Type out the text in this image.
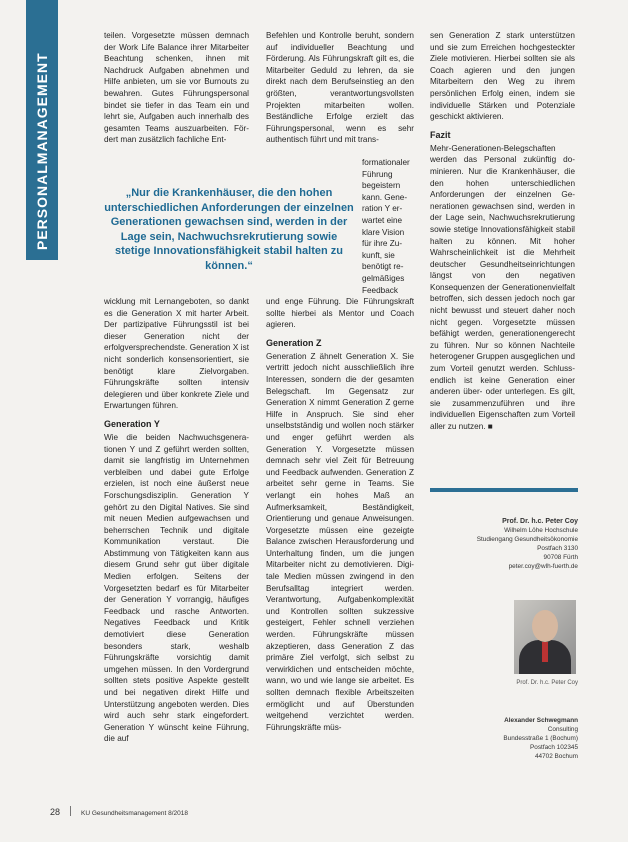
PERSONALMANAGEMENT

teilen. Vorgesetzte müssen demnach der Work Life Balance ihrer Mitarbeiter Beachtung schenken, ihnen mit Nachdruck Aufgaben abnehmen und Hilfe anbieten, um sie vor Burnouts zu bewahren. Gutes Führungspersonal bindet sie tiefer in das Team ein und lehrt sie, Aufgaben auch innerhalb des gesamten Teams auszuarbeiten. Fördert man zusätzlich fachliche Ent-

„Nur die Krankenhäuser, die den hohen unterschiedlichen Anforderungen der einzelnen Generationen gewachsen sind, werden in der Lage sein, Nachwuchsrekrutierung sowie stetige Innovationsfähigkeit stabil halten zu können.“

wicklung mit Lernangeboten, so dankt es die Generation X mit harter Arbeit. Der partizipative Führungsstil ist bei dieser Generation nicht der erfolgversprechendste. Generation X ist nicht sonderlich konsensorientiert, sie benötigt klare Zielvorgaben. Führungskräfte sollten intensiv delegieren und über konkrete Ziele und Erwartungen führen.

Generation Y

Wie die beiden Nachwuchsgenerationen Y und Z geführt werden sollten, damit sie langfristig im Unternehmen verbleiben und dabei gute Erfolge erzielen, ist noch eine äußerst neue Forschungsdisziplin. Generation Y gehört zu den Digital Natives. Sie sind mit neuen Medien aufgewachsen und beherrschen Technik und digitale Kommunikation verstaut. Die Abstimmung von Tätigkeiten kann aus diesem Grund sehr gut über digitale Medien erfolgen. Seitens der Vorgesetzten bedarf es für Mitarbeiter der Generation Y vorrangig, häufiges Feedback und rasche Antworten. Negatives Feedback und Kritik demotiviert diese Generation besonders stark, weshalb Führungskräfte vorsichtig damit umgehen müssen. In den Vordergrund sollten stets positive Aspekte gestellt und bei negativen direkt Hilfe und Unterstützung angeboten werden. Dies wird auch sehr stark eingefordert. Generation Y wünscht keine Führung, die auf

Befehlen und Kontrolle beruht, sondern auf individueller Beachtung und Förderung. Als Führungskraft gilt es, die Mitarbeiter Geduld zu lehren, da sie direkt nach dem Berufseinstieg an den größten, verantwortungsvollsten Projekten mitarbeiten wollen. Beständliche Erfolge erzielt das Führungspersonal, wenn es sehr authentisch führt und mit trans-

formationaler Führung begeistern kann. Generation Y erwartet eine klare Vision für ihre Zukunft, sie benötigt regelmäßiges Feedback

und enge Führung. Die Führungskraft sollte hierbei als Mentor und Coach agieren.

Generation Z

Generation Z ähnelt Generation X. Sie vertritt jedoch nicht ausschließlich ihre Interessen, sondern die der gesamten Belegschaft. Im Gegensatz zur Generation X nimmt Generation Z gerne Hilfe in Anspruch. Sie sind eher unselbstständig und wollen noch stärker und enger geführt werden als Generation Y. Vorgesetzte müssen demnach sehr viel Zeit für Betreuung und Feedback aufwenden. Generation Z arbeitet sehr gerne in Teams. Sie verlangt ein hohes Maß an Aufmerksamkeit, Beständigkeit, Orientierung und genaue Anweisungen. Vorgesetzte müssen eine gezeigte Balance zwischen Herausforderung und Unterhaltung finden, um die jungen Mitarbeiter nicht zu demotivieren. Digitale Medien müssen zwingend in den Berufsalltag integriert werden. Verantwortung, Aufgabenkomplexität und Kontrollen sollten sukzessive gesteigert, Fehler schnell verziehen werden. Führungskräfte müssen akzeptieren, dass Generation Z das primäre Ziel verfolgt, sich selbst zu verwirklichen und entscheiden möchte, wann, wo und wie lange sie arbeitet. Es sollten demnach flexible Arbeitszeiten ermöglicht und auf Überstunden weitgehend verzichtet werden. Führungskräfte müs-

sen Generation Z stark unterstützen und sie zum Erreichen hochgesteckter Ziele motivieren. Hierbei sollten sie als Coach agieren und den jungen Mitarbeitern den Weg zu ihrem persönlichen Erfolg einen, indem sie individuelle Stärken und Potenziale geschickt aktivieren.

Fazit

Mehr-Generationen-Belegschaften werden das Personal zukünftig dominieren. Nur die Krankenhäuser, die den hohen unterschiedlichen Anforderungen der einzelnen Generationen gewachsen sind, werden in der Lage sein, Nachwuchsrekrutierung sowie stetige Innovationsfähigkeit stabil halten zu können. Mit hoher Wahrscheinlichkeit ist die Mehrheit deutscher Gesundheitseinrichtungen längst von den negativen Konsequenzen der Generationenvielfalt betroffen, sich dessen jedoch noch gar nicht bewusst und steuert daher noch nicht gegen. Vorgesetzte müssen befähigt werden, generationengerecht zu führen. Nur so können Nachteile heterogener Gruppen ausgeglichen und zum Vorteil genutzt werden. Schlussendlich ist keine Generation einer anderen über- oder unterlegen. Es gilt, sie zusammenzuführen und ihre individuellen Eigenschaften zum Vorteil aller zu nutzen. ■

Prof. Dr. h.c. Peter Coy
Wilhelm Löhe Hochschule
Studiengang Gesundheitsökonomie
Postfach 3130
90708 Fürth
peter.coy@wlh-fuerth.de
Prof. Dr. h.c. Peter Coy
Alexander Schwegmann
Consulting
Bundesstraße 1 (Bochum)
Postfach 102345
44702 Bochum
28	KU Gesundheitsmanagement 8/2018
